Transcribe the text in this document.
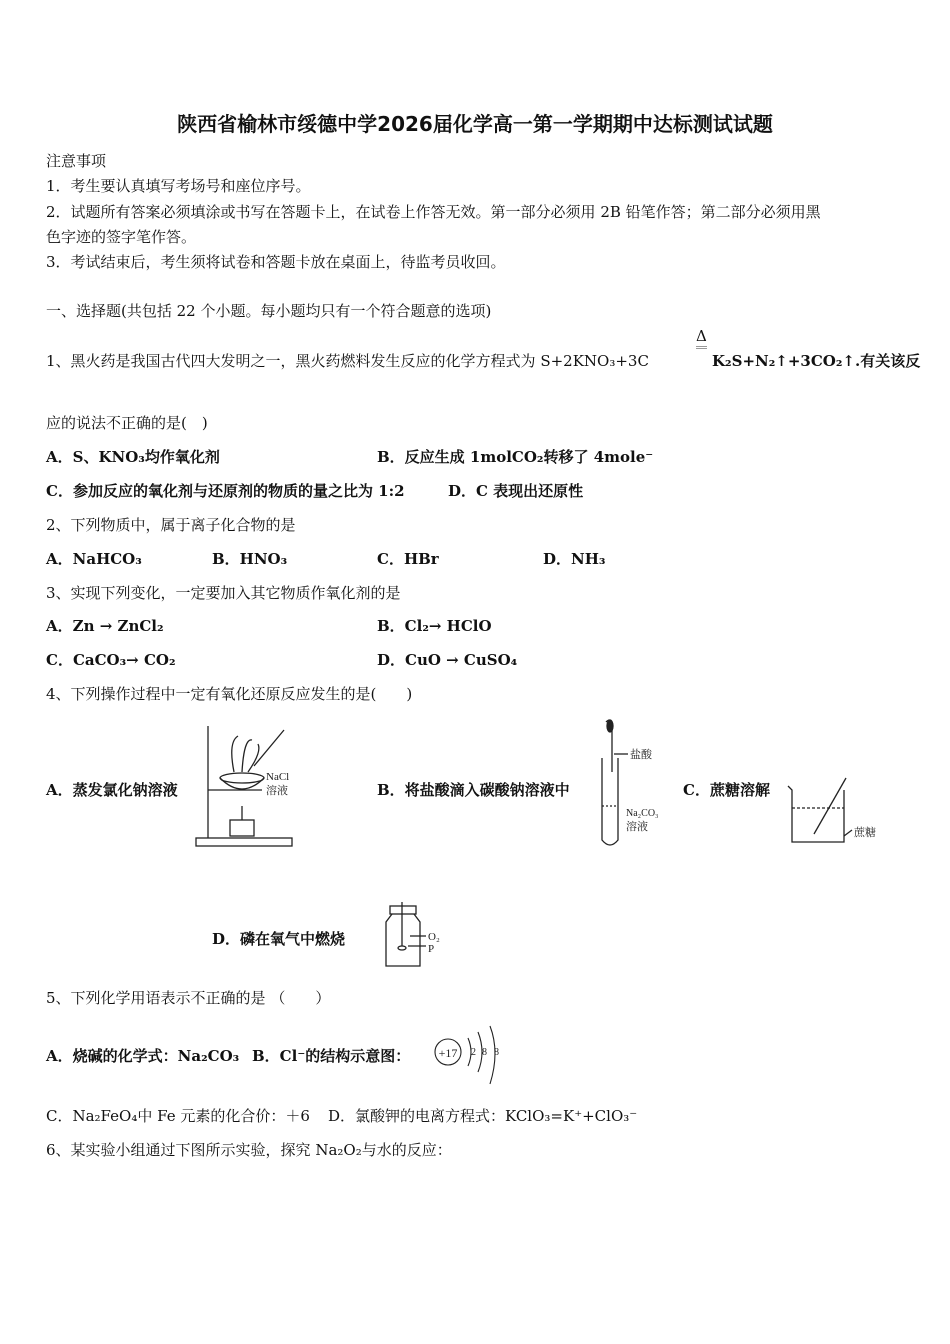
陕西省榆林市绥德中学2026届化学高一第一学期期中达标测试试题
注意事项
1．考生要认真填写考场号和座位序号。
2．试题所有答案必须填涂或书写在答题卡上，在试卷上作答无效。第一部分必须用 2B 铅笔作答；第二部分必须用黑
色字迹的签字笔作答。
3．考试结束后，考生须将试卷和答题卡放在桌面上，待监考员收回。
一、选择题(共包括 22 个小题。每小题均只有一个符合题意的选项)
1、黑火药是我国古代四大发明之一，黑火药燃料发生反应的化学方程式为 S+2KNO₃+3C
Δ
K₂S+N₂↑+3CO₂↑.有关该反
应的说法不正确的是(　)
A．S、KNO₃均作氧化剂	B．反应生成 1molCO₂转移了 4mole⁻
C．参加反应的氧化剂与还原剂的物质的量之比为 1:2	D．C 表现出还原性
2、下列物质中，属于离子化合物的是
A．NaHCO₃	B．HNO₃	C．HBr	D．NH₃
3、实现下列变化，一定要加入其它物质作氧化剂的是
A．Zn → ZnCl₂	B．Cl₂→ HClO
C．CaCO₃→ CO₂	D．CuO → CuSO₄
4、下列操作过程中一定有氧化还原反应发生的是(　　)
A．蒸发氯化钠溶液
NaCl
溶液	B．将盐酸滴入碳酸钠溶液中
盐酸
Na₂CO₃
溶液
C．蔗糖溶解
蔗糖
D．磷在氧气中燃烧	O₂
P
5、下列化学用语表示不正确的是 （　　）
A．烧碱的化学式：Na₂CO₃ B．Cl⁻的结构示意图： +17 2 8 8
C．Na₂FeO₄中 Fe 元素的化合价：＋6 D．氯酸钾的电离方程式：KClO₃=K⁺+ClO₃⁻
6、某实验小组通过下图所示实验，探究 Na₂O₂与水的反应：
